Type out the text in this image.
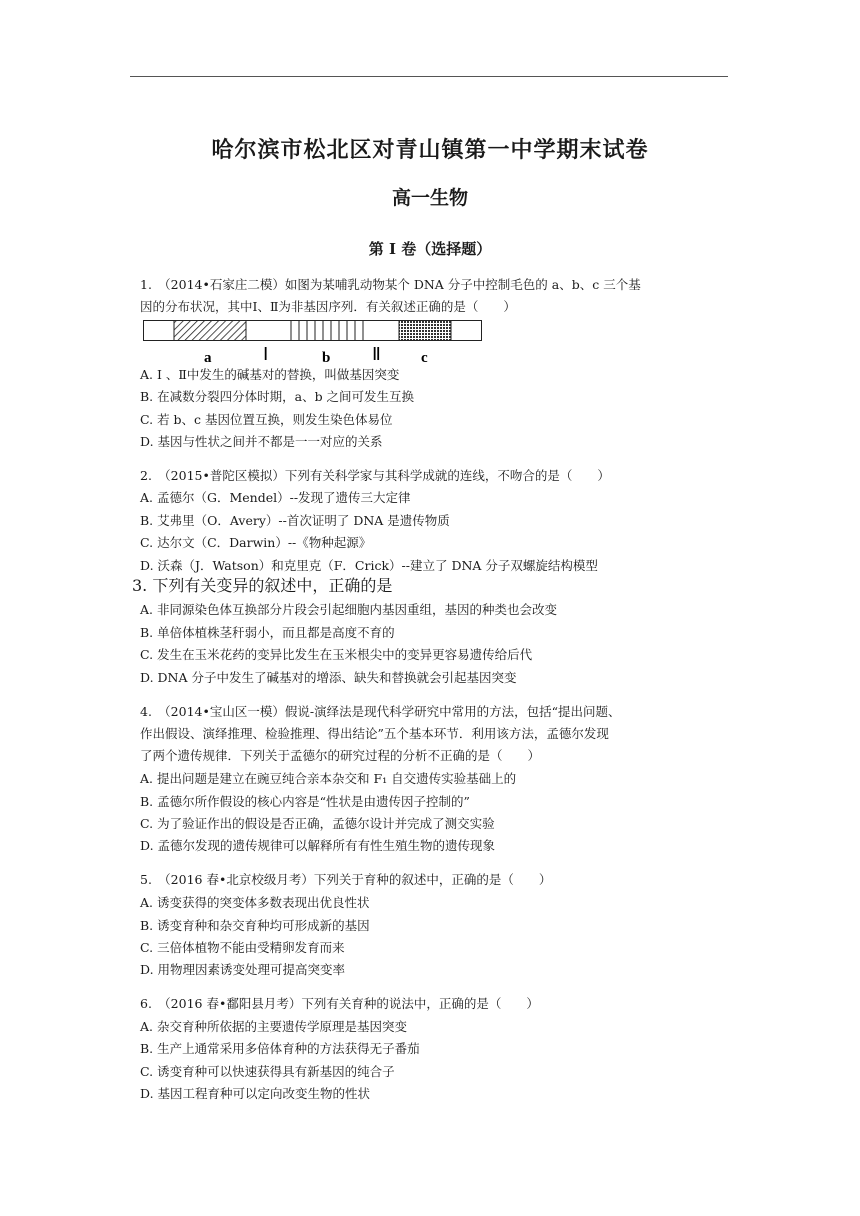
哈尔滨市松北区对青山镇第一中学期末试卷
高一生物
第 I 卷（选择题）
1.　（2014•石家庄二模）如图为某哺乳动物某个 DNA 分子中控制毛色的 a、b、c 三个基
因的分布状况，其中Ⅰ、Ⅱ为非基因序列．有关叙述正确的是（　　）
a	Ⅰ	b Ⅱ	c
A. Ⅰ 、Ⅱ中发生的碱基对的替换，叫做基因突变
B. 在减数分裂四分体时期，a、b 之间可发生互换
C. 若 b、c 基因位置互换，则发生染色体易位
D. 基因与性状之间并不都是一一对应的关系
2.　（2015•普陀区模拟）下列有关科学家与其科学成就的连线，不吻合的是（　　）
A. 孟德尔（G．Mendel）--发现了遗传三大定律
B. 艾弗里（O．Avery）--首次证明了 DNA 是遗传物质
C. 达尔文（C．Darwin）--《物种起源》
D. 沃森（J．Watson）和克里克（F．Crick）--建立了 DNA 分子双螺旋结构模型
3. 下列有关变异的叙述中，正确的是
A. 非同源染色体互换部分片段会引起细胞内基因重组，基因的种类也会改变
B. 单倍体植株茎秆弱小，而且都是高度不育的
C. 发生在玉米花药的变异比发生在玉米根尖中的变异更容易遗传给后代
D. DNA 分子中发生了碱基对的增添、缺失和替换就会引起基因突变
4.　（2014•宝山区一模）假说-演绎法是现代科学研究中常用的方法，包括“提出问题、
作出假设、演绎推理、检验推理、得出结论”五个基本环节．利用该方法，孟德尔发现
了两个遗传规律．下列关于孟德尔的研究过程的分析不正确的是（　　）
A. 提出问题是建立在豌豆纯合亲本杂交和 F₁ 自交遗传实验基础上的
B. 孟德尔所作假设的核心内容是“性状是由遗传因子控制的”
C. 为了验证作出的假设是否正确，孟德尔设计并完成了测交实验
D. 孟德尔发现的遗传规律可以解释所有有性生殖生物的遗传现象
5.　（2016 春•北京校级月考）下列关于育种的叙述中，正确的是（　　）
A. 诱变获得的突变体多数表现出优良性状
B. 诱变育种和杂交育种均可形成新的基因
C. 三倍体植物不能由受精卵发育而来
D. 用物理因素诱变处理可提高突变率
6.　（2016 春•鄱阳县月考）下列有关育种的说法中，正确的是（　　）
A. 杂交育种所依据的主要遗传学原理是基因突变
B. 生产上通常采用多倍体育种的方法获得无子番茄
C. 诱变育种可以快速获得具有新基因的纯合子
D. 基因工程育种可以定向改变生物的性状
